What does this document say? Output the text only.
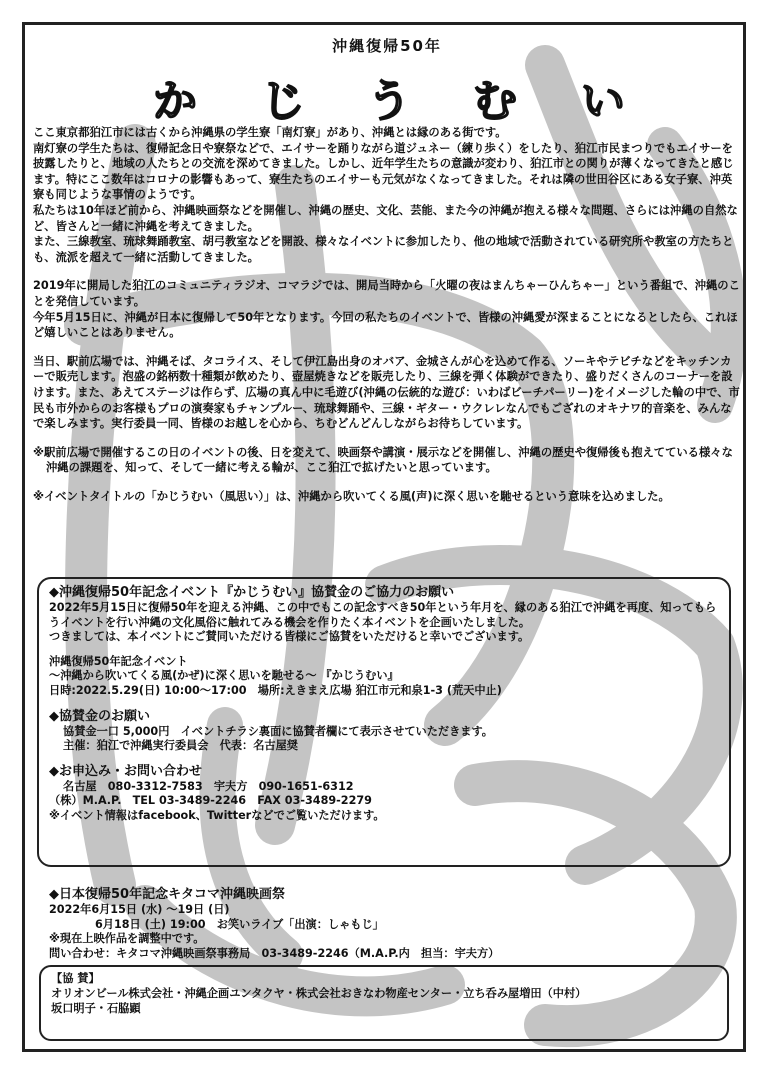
沖縄復帰50年
か じ う む い

ここ東京都狛江市には古くから沖縄県の学生寮「南灯寮」があり、沖縄とは縁のある街です。

南灯寮の学生たちは、復帰記念日や寮祭などで、エイサーを踊りながら道ジュネー（練り歩く）をしたり、狛江市民まつりでもエイサーを披露したりと、地域の人たちとの交流を深めてきました。しかし、近年学生たちの意識が変わり、狛江市との関りが薄くなってきたと感じます。特にここ数年はコロナの影響もあって、寮生たちのエイサーも元気がなくなってきました。それは隣の世田谷区にある女子寮、沖英寮も同じような事情のようです。

私たちは10年ほど前から、沖縄映画祭などを開催し、沖縄の歴史、文化、芸能、また今の沖縄が抱える様々な問題、さらには沖縄の自然など、皆さんと一緒に沖縄を考えてきました。

また、三線教室、琉球舞踊教室、胡弓教室などを開設、様々なイベントに参加したり、他の地域で活動されている研究所や教室の方たちとも、流派を超えて一緒に活動してきました。

2019年に開局した狛江のコミュニティラジオ、コマラジでは、開局当時から「火曜の夜はまんちゃーひんちゃー」という番組で、沖縄のことを発信しています。

今年5月15日に、沖縄が日本に復帰して50年となります。今回の私たちのイベントで、皆様の沖縄愛が深まることになるとしたら、これほど嬉しいことはありません。

当日、駅前広場では、沖縄そば、タコライス、そして伊江島出身のオバア、金城さんが心を込めて作る、ソーキやテビチなどをキッチンカーで販売します。泡盛の銘柄数十種類が飲めたり、壺屋焼きなどを販売したり、三線を弾く体験ができたり、盛りだくさんのコーナーを設けます。また、あえてステージは作らず、広場の真ん中に毛遊び(沖縄の伝統的な遊び：いわばビーチパーリー)をイメージした輪の中で、市民も市外からのお客様もプロの演奏家もチャンプルー、琉球舞踊や、三線・ギター・ウクレレなんでもござれのオキナワ的音楽を、みんなで楽しみます。実行委員一同、皆様のお越しを心から、ちむどんどんしながらお待ちしています。

※駅前広場で開催するこの日のイベントの後、日を変えて、映画祭や講演・展示などを開催し、沖縄の歴史や復帰後も抱えてている様々な沖縄の課題を、知って、そして一緒に考える輪が、ここ狛江で拡げたいと思っています。

※イベントタイトルの「かじうむい（風思い）」は、沖縄から吹いてくる風(声)に深く思いを馳せるという意味を込めました。

◆沖縄復帰50年記念イベント『かじうむい』協賛金のご協力のお願い

2022年5月15日に復帰50年を迎える沖縄、この中でもこの記念すべき50年という年月を、縁のある狛江で沖縄を再度、知ってもらうイベントを行い沖縄の文化風俗に触れてみる機会を作りたく本イベントを企画いたしました。

つきましては、本イベントにご賛同いただける皆様にご協賛をいただけると幸いでございます。

沖縄復帰50年記念イベント

～沖縄から吹いてくる風(かぜ)に深く思いを馳せる～ 『かじうむい』

日時:2022.5.29(日) 10:00～17:00　場所:えきまえ広場 狛江市元和泉1-3 (荒天中止)

◆協賛金のお願い

協賛金一口 5,000円　イベントチラシ裏面に協賛者欄にて表示させていただきます。

主催：狛江で沖縄実行委員会　代表：名古屋奨

◆お申込み・お問い合わせ

名古屋　080-3312-7583　宇夫方　090-1651-6312

（株）M.A.P.　TEL 03-3489-2246　FAX 03-3489-2279

※イベント情報はfacebook、Twitterなどでご覧いただけます。

◆日本復帰50年記念キタコマ沖縄映画祭

2022年6月15日 (水) ～19日 (日)

6月18日 (土) 19:00　お笑いライブ「出演：しゃもじ」

※現在上映作品を調整中です。

問い合わせ：キタコマ沖縄映画祭事務局　03-3489-2246（M.A.P.内　担当：宇夫方）

【協 賛】

オリオンビール株式会社・沖縄企画ユンタクヤ・株式会社おきなわ物産センター・立ち呑み屋増田（中村）

坂口明子・石脇顕
